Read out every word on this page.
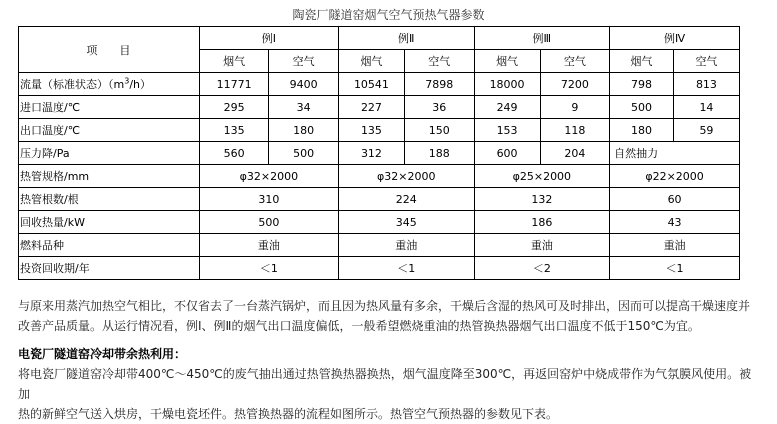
陶瓷厂隧道窑烟气空气预热气器参数
项　　目	例Ⅰ		例Ⅱ		例Ⅲ		例Ⅳ	
	烟气	空气	烟气	空气	烟气	空气	烟气	空气
流量（标准状态）$(m^3/h)$	11771	9400	10541	7898	18000	7200	798	813
进口温度/℃	295	34	227	36	249	9	500	14
出口温度/℃	135	180	135	150	153	118	180	59
压力降/Pa	560	500	312	188	600	204	自然抽力	
热管规格/mm	φ32×2000		φ32×2000		φ25×2000		φ22×2000	
热管根数/根	310		224		132		60	
回收热量/kW	500		345		186		43	
燃料品种	重油		重油		重油		重油	
投资回收期/年	＜1		＜1		＜2		＜1	
与原来用蒸汽加热空气相比，不仅省去了一台蒸汽锅炉，而且因为热风量有多余，干燥后含湿的热风可及时排出，因而可以提高干燥速度并
改善产品质量。从运行情况看，例Ⅰ、例Ⅱ的烟气出口温度偏低，一般希望燃烧重油的热管换热器烟气出口温度不低于150℃为宜。
电瓷厂隧道窑冷却带余热利用：
将电瓷厂隧道窑冷却带400℃～450℃的废气抽出通过热管换热器换热，烟气温度降至300℃，再返回窑炉中烧成带作为气氛膜风使用。被加
热的新鲜空气送入烘房，干燥电瓷坯件。热管换热器的流程如图所示。热管空气预热器的参数见下表。
